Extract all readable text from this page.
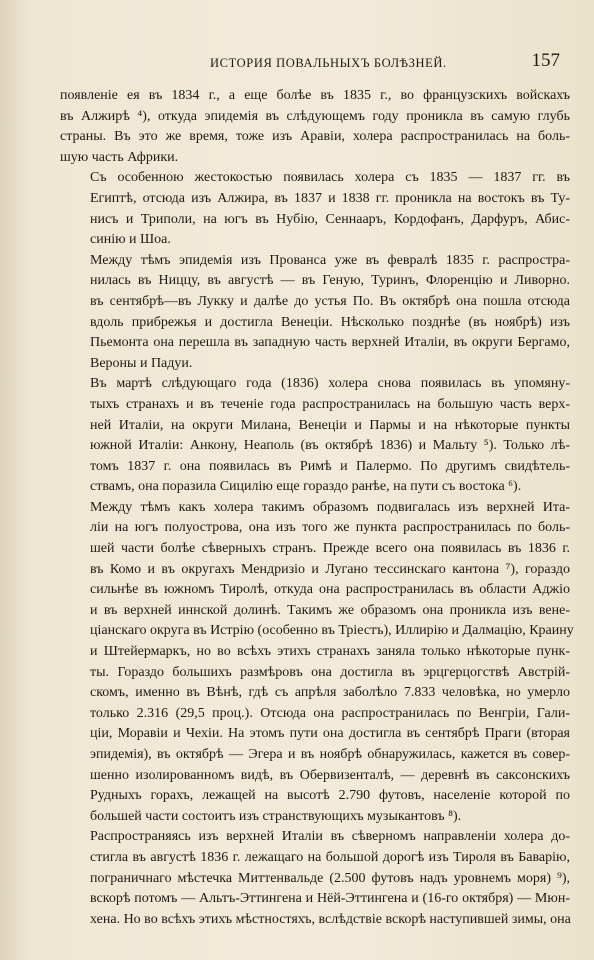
ИСТОРИЯ ПОВАЛЬНЫХЪ БОЛѢЗНЕЙ.	157

появленіе ея въ 1834 г., а еще болѣе въ 1835 г., во французскихъ войскахъ
въ Алжирѣ ⁴), откуда эпидемія въ слѣдующемъ году проникла въ самую глубь
страны. Въ это же время, тоже изъ Аравіи, холера распространилась на боль-
шую часть Африки.

Съ особенною жестокостью появилась холера съ 1835 — 1837 гг. въ
Египтѣ, отсюда изъ Алжира, въ 1837 и 1838 гг. проникла на востокъ въ Ту-
нисъ и Триполи, на югъ въ Нубію, Сеннааръ, Кордофанъ, Дарфуръ, Абис-
синію и Шоа.

Между тѣмъ эпидемія изъ Прованса уже въ февралѣ 1835 г. распростра-
нилась въ Ниццу, въ августѣ — въ Геную, Туринъ, Флоренцію и Ливорно.
въ сентябрѣ—въ Лукку и далѣе до устья По. Въ октябрѣ она пошла отсюда
вдоль прибрежья и достигла Венеціи. Нѣсколько позднѣе (въ ноябрѣ) изъ
Пьемонта она перешла въ западную часть верхней Италіи, въ округи Бергамо,
Вероны и Падуи.

Въ мартѣ слѣдующаго года (1836) холера снова появилась въ упомяну-
тыхъ странахъ и въ теченіе года распространилась на большую часть верх-
ней Италіи, на округи Милана, Венеціи и Пармы и на нѣкоторые пункты
южной Италіи: Анкону, Неаполь (въ октябрѣ 1836) и Мальту ⁵). Только лѣ-
томъ 1837 г. она появилась въ Римѣ и Палермо. По другимъ свидѣтель-
ствамъ, она поразила Сицилію еще гораздо ранѣе, на пути съ востока ⁶).

Между тѣмъ какъ холера такимъ образомъ подвигалась изъ верхней Ита-
ліи на югъ полуострова, она изъ того же пункта распространилась по боль-
шей части болѣе сѣверныхъ странъ. Прежде всего она появилась въ 1836 г.
въ Комо и въ округахъ Мендризіо и Лугано тессинскаго кантона ⁷), гораздо
сильнѣе въ южномъ Тиролѣ, откуда она распространилась въ области Аджіо
и въ верхней иннской долинѣ. Такимъ же образомъ она проникла изъ вене-
ціанскаго округа въ Истрію (особенно въ Тріестъ), Иллирію и Далмацію, Краину
и Штейермаркъ, но во всѣхъ этихъ странахъ заняла только нѣкоторые пунк-
ты. Гораздо большихъ размѣровъ она достигла въ эрцгерцогствѣ Австрій-
скомъ, именно въ Вѣнѣ, гдѣ съ апрѣля заболѣло 7.833 человѣка, но умерло
только 2.316 (29,5 проц.). Отсюда она распространилась по Венгріи, Гали-
ціи, Моравіи и Чехіи. На этомъ пути она достигла въ сентябрѣ Праги (вторая
эпидемія), въ октябрѣ — Эгера и въ ноябрѣ обнаружилась, кажется въ совер-
шенно изолированномъ видѣ, въ Обервизенталѣ, — деревнѣ въ саксонскихъ
Рудныхъ горахъ, лежащей на высотѣ 2.790 футовъ, населеніе которой по
большей части состоитъ изъ странствующихъ музыкантовъ ⁸).

Распространяясь изъ верхней Италіи въ сѣверномъ направленіи холера до-
стигла въ августѣ 1836 г. лежащаго на большой дорогѣ изъ Тироля въ Баварію,
пограничнаго мѣстечка Миттенвальде (2.500 футовъ надъ уровнемъ моря) ⁹),
вскорѣ потомъ — Альтъ-Эттингена и Нёй-Эттингена и (16-го октября) — Мюн-
хена. Но во всѣхъ этихъ мѣстностяхъ, вслѣдствіе вскорѣ наступившей зимы, она
